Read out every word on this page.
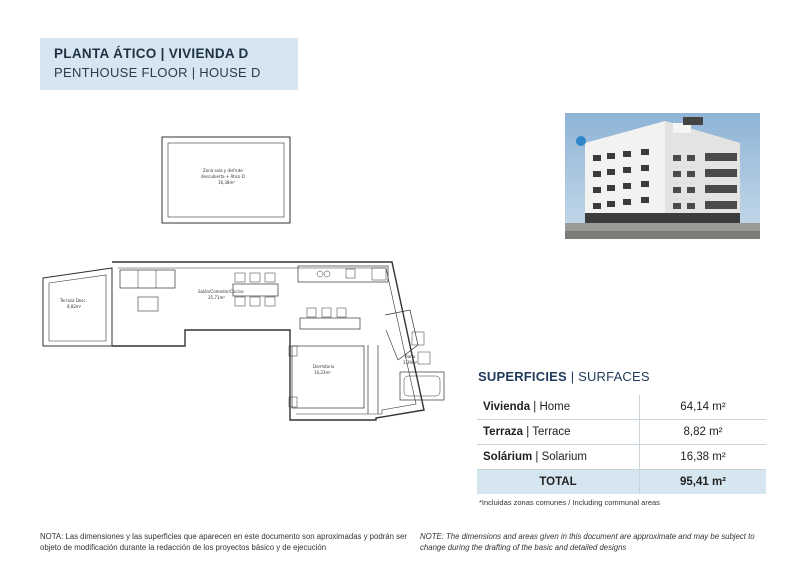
PLANTA ÁTICO | VIVIENDA D
PENTHOUSE FLOOR | HOUSE D
Zona sola y disfrute
descubierta + Ático D
16,38m²
Terraza Desc.
8,82m²
Salón/Comedor/Cocina
35,71m²
Dormitorio
10,23m²
Baño
3,39m²
SUPERFICIES | SURFACES
Vivienda | Home	64,14 m²
Terraza | Terrace	8,82 m²
Solárium | Solarium	16,38 m²
TOTAL	95,41 m²
*Incluidas zonas comunes / Including communal areas
NOTA: Las dimensiones y las superficies que aparecen en este documento son aproximadas y podrán ser objeto de modificación durante la redacción de los proyectos básico y de ejecución
NOTE: The dimensions and areas given in this document are approximate and may be subject to change during the drafting of the basic and detailed designs
